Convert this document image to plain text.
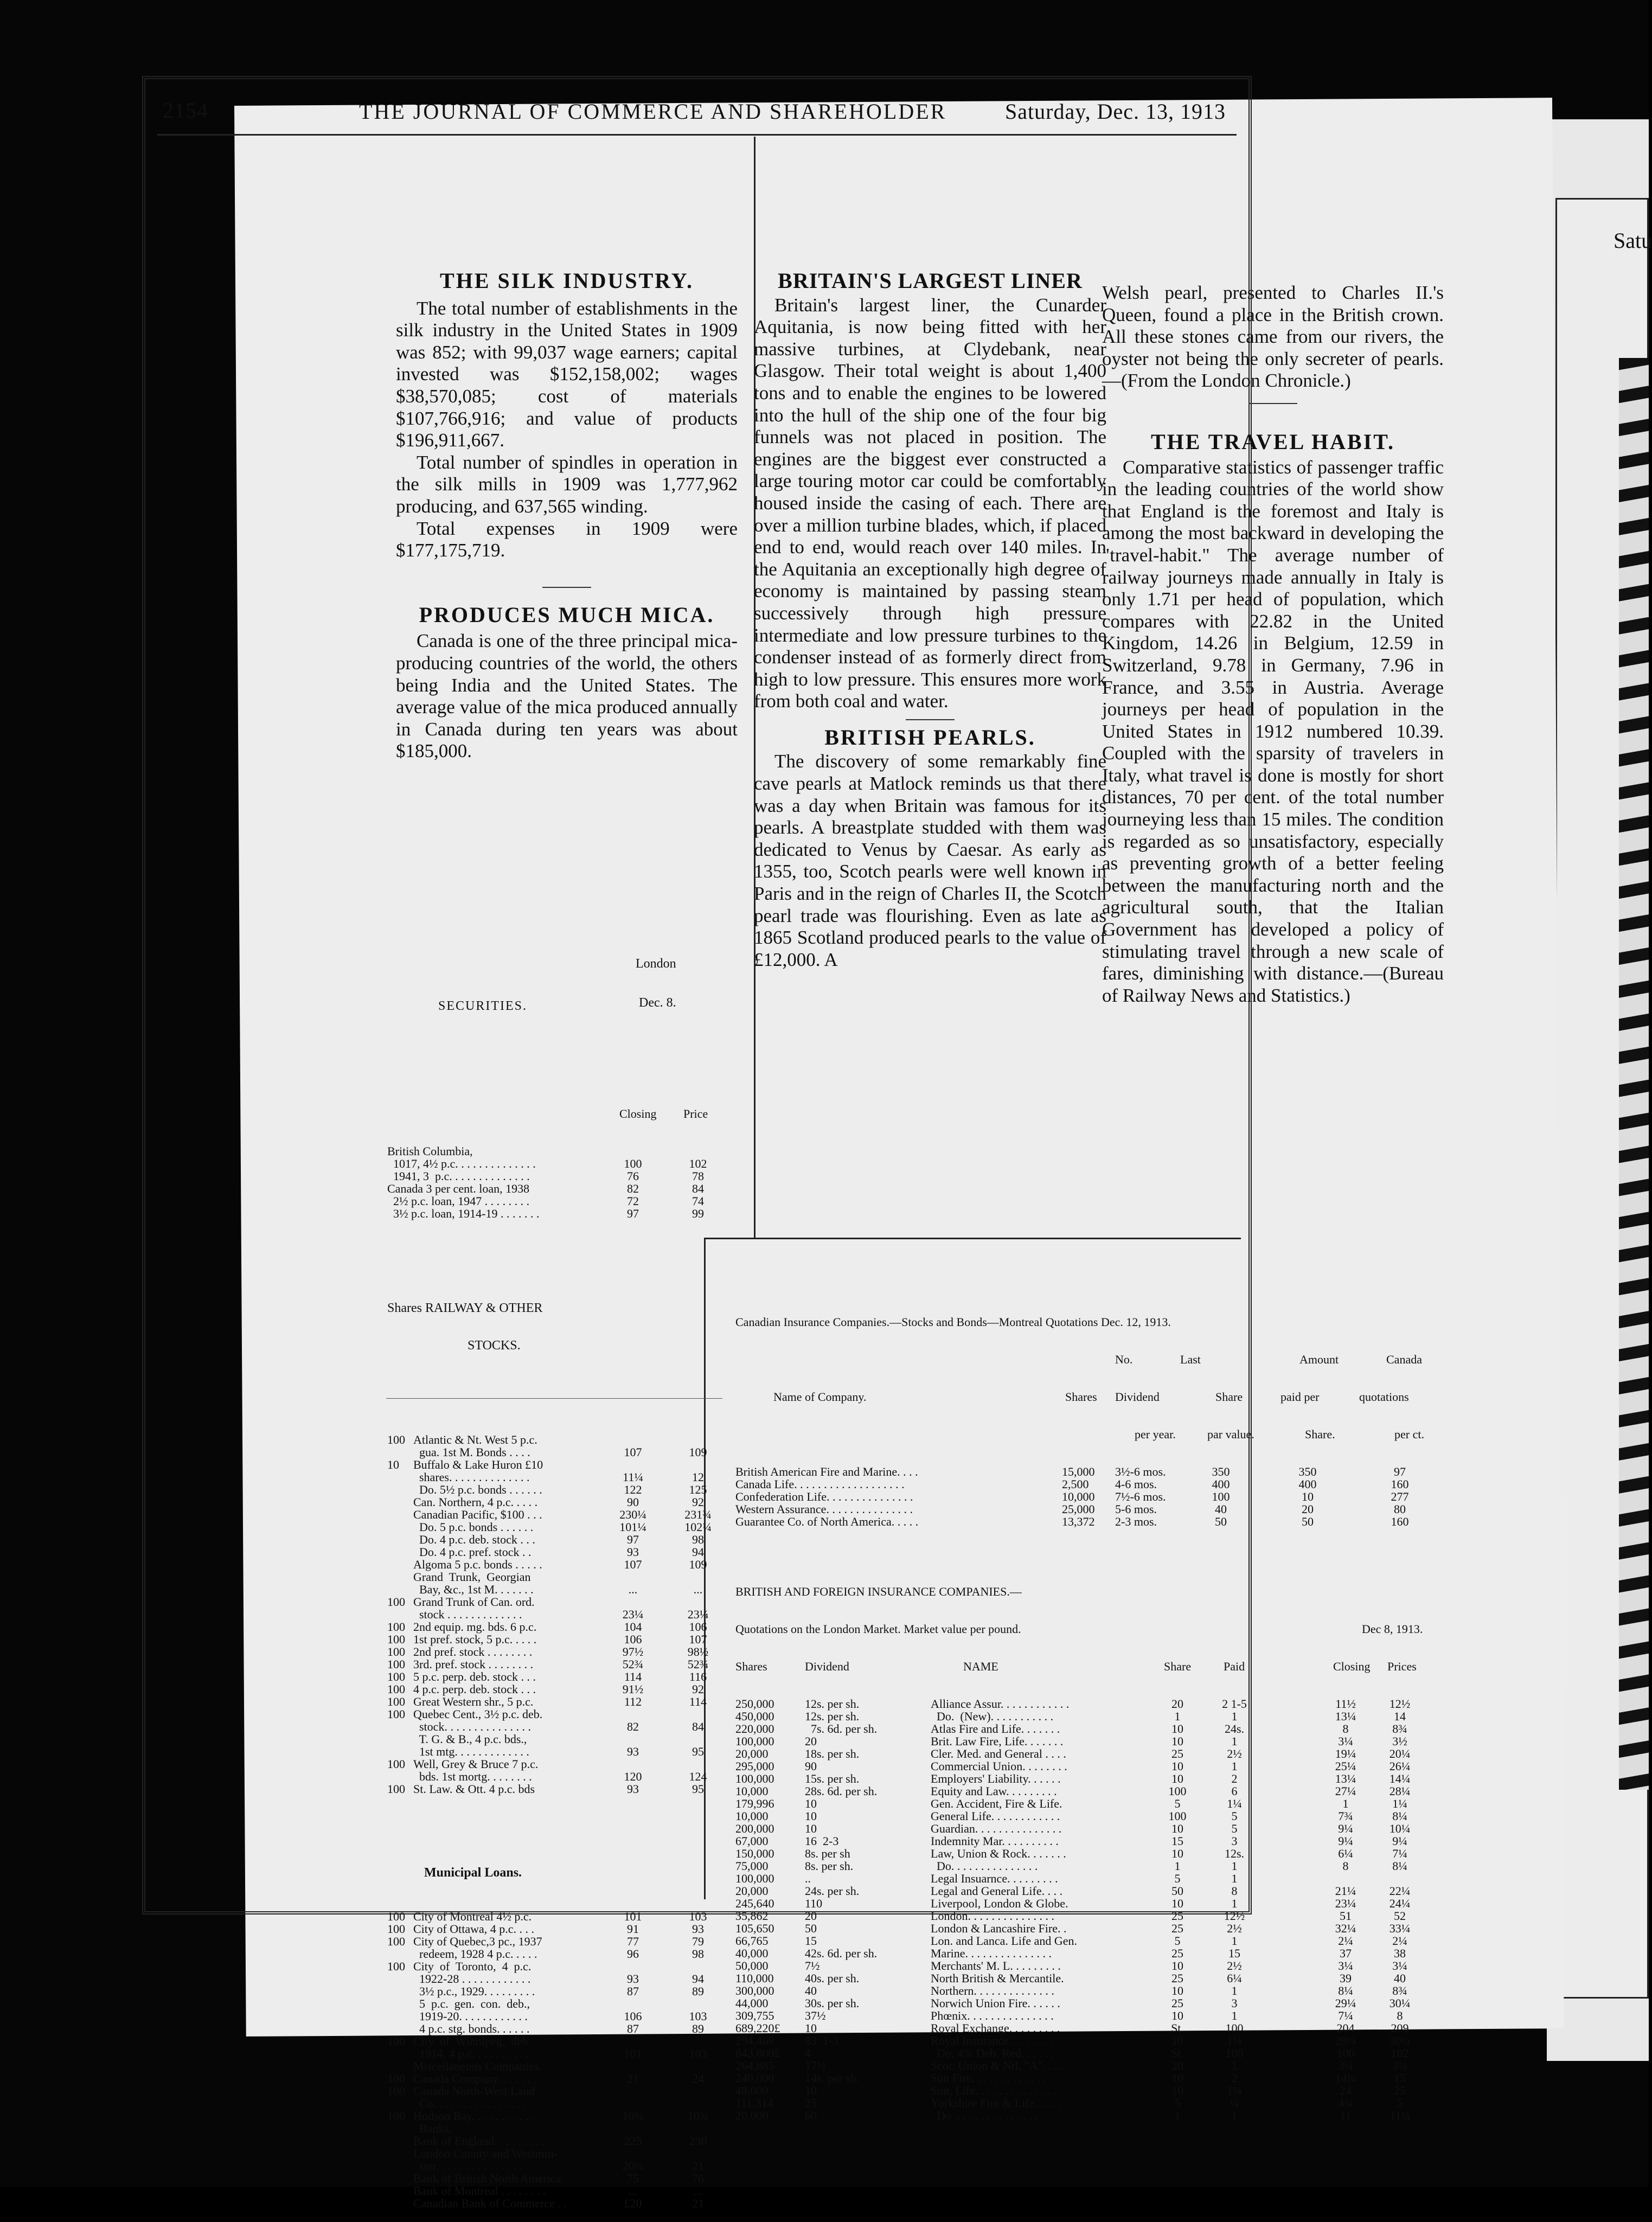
Satu
2154	THE JOURNAL OF COMMERCE AND SHAREHOLDER	Saturday, Dec. 13, 1913
THE SILK INDUSTRY.

The total number of establishments in the silk industry in the United States in 1909 was 852; with 99,037 wage earners; capital invested was $152,158,002; wages $38,570,085; cost of materials $107,766,916; and value of products $196,911,667.

Total number of spindles in operation in the silk mills in 1909 was 1,777,962 producing, and 637,565 winding.

Total expenses in 1909 were $177,175,719.

PRODUCES MUCH MICA.

Canada is one of the three principal mica-producing countries of the world, the others being India and the United States. The average value of the mica produced annually in Canada during ten years was about $185,000.

London

SECURITIES.	Dec. 8.

Closing Price

British Columbia,
1017, 4½ p.c. . . . . . . . . . . . . .	100	102
1941, 3  p.c. . . . . . . . . . . . . .	76	78
Canada 3 per cent. loan, 1938	82	84
2½ p.c. loan, 1947 . . . . . . . .	72	74
3½ p.c. loan, 1914-19 . . . . . . .	97	99

Shares RAILWAY & OTHER

STOCKS.

100 Atlantic & Nt. West 5 p.c.
gua. 1st M. Bonds . . . .	107	109
10 Buffalo & Lake Huron £10
shares. . . . . . . . . . . . . .	11¼	12
Do. 5½ p.c. bonds . . . . . .	122	125
Can. Northern, 4 p.c. . . . .	90	92
Canadian Pacific, $100 . . .	230¼	231¾
Do. 5 p.c. bonds . . . . . .	101¼	102¼
Do. 4 p.c. deb. stock . . .	97	98
Do. 4 p.c. pref. stock . .	93	94
Algoma 5 p.c. bonds . . . . .	107	109
Grand  Trunk,  Georgian
Bay, &c., 1st M. . . . . . .	...	...
100 Grand Trunk of Can. ord.
stock . . . . . . . . . . . . .	23¼	23¼
100 2nd equip. mg. bds. 6 p.c.	104	106
100 1st pref. stock, 5 p.c. . . . .	106	107
100 2nd pref. stock . . . . . . . .	97½	98½
100 3rd. pref. stock . . . . . . . .	52¾	52¾
100 5 p.c. perp. deb. stock . . .	114	116
100 4 p.c. perp. deb. stock . . .	91½	92
100 Great Western shr., 5 p.c.	112	114
100 Quebec Cent., 3½ p.c. deb.
stock. . . . . . . . . . . . . . .	82	84
T. G. & B., 4 p.c. bds.,
1st mtg. . . . . . . . . . . . .	93	95
100 Well, Grey & Bruce 7 p.c.
bds. 1st mortg. . . . . . . .	120	124
100 St. Law. & Ott. 4 p.c. bds	93	95

Municipal Loans.

100 City of Montreal 4½ p.c.	101	103
100 City of Ottawa, 4 p.c. . . .	91	93
100 City of Quebec,3 pc., 1937	77	79
redeem, 1928 4 p.c. . . . .	96	98
100 City  of  Toronto,  4  p.c.
1922-28 . . . . . . . . . . . .	93	94
3½ p.c., 1929. . . . . . . . .	87	89
5  p.c.  gen.  con.  deb.,
1919-20. . . . . . . . . . . .	106	103
4 p.c. stg. bonds. . . . . .	87	89
100 City  of  Winnipeg,  deb.
1914, 4 p.c. . . . . . . . . .	101	103
Miscellaneous Companies.
100 Canada Company. . . . . . . .	21	24
100 Canada North-West Land
Co. . . . . . . . . . . . . . . .
100 Hudson Bay. . . . . . . . . . .	10¼	10¾
Banks.
Bank of England. . . . . . . . .	225	230
London County and Westmin-
ster. . . . . . . . . . . . . . .	20¼	21
Bank of British North America	75	76
Bank of Montreal . . . . . . . .	...	...
Canadian Bank of Commerce . .	£20	21

BRITAIN'S LARGEST LINER

Britain's largest liner, the Cunarder Aquitania, is now being fitted with her massive turbines, at Clydebank, near Glasgow. Their total weight is about 1,400 tons and to enable the engines to be lowered into the hull of the ship one of the four big funnels was not placed in position. The engines are the biggest ever constructed a large touring motor car could be comfortably housed inside the casing of each. There are over a million turbine blades, which, if placed end to end, would reach over 140 miles. In the Aquitania an exceptionally high degree of economy is maintained by passing steam successively through high pressure intermediate and low pressure turbines to the condenser instead of as formerly direct from high to low pressure. This ensures more work from both coal and water.

BRITISH PEARLS.

The discovery of some remarkably fine cave pearls at Matlock reminds us that there was a day when Britain was famous for its pearls. A breastplate studded with them was dedicated to Venus by Caesar. As early as 1355, too, Scotch pearls were well known in Paris and in the reign of Charles II, the Scotch pearl trade was flourishing. Even as late as 1865 Scotland produced pearls to the value of £12,000. A

Welsh pearl, presented to Charles II.'s Queen, found a place in the British crown. All these stones came from our rivers, the oyster not being the only secreter of pearls.—(From the London Chronicle.)

THE TRAVEL HABIT.

Comparative statistics of passenger traffic in the leading countries of the world show that England is the foremost and Italy is among the most backward in developing the "travel-habit." The average number of railway journeys made annually in Italy is only 1.71 per head of population, which compares with 22.82 in the United Kingdom, 14.26 in Belgium, 12.59 in Switzerland, 9.78 in Germany, 7.96 in France, and 3.55 in Austria. Average journeys per head of population in the United States in 1912 numbered 10.39. Coupled with the sparsity of travelers in Italy, what travel is done is mostly for short distances, 70 per cent. of the total number journeying less than 15 miles. The condition is regarded as so unsatisfactory, especially as preventing growth of a better feeling between the manufacturing north and the agricultural south, that the Italian Government has developed a policy of stimulating travel through a new scale of fares, diminishing with distance.—(Bureau of Railway News and Statistics.)

Canadian Insurance Companies.—Stocks and Bonds—Montreal Quotations Dec. 12, 1913.

No.	Last	Amount	Canada

Name of Company.	Shares Dividend	Share	paid per	quotations

per year.	par value.	Share.	per ct.

British American Fire and Marine. . . .	15,000 3½-6 mos.	350	350	97
Canada Life. . . . . . . . . . . . . . . . . . .	2,500 4-6 mos.	400	400	160
Confederation Life. . . . . . . . . . . . . . .	10,000 7½-6 mos.	100	10	277
Western Assurance. . . . . . . . . . . . . . .	25,000 5-6 mos.	40	20	80
Guarantee Co. of North America. . . . .	13,372 2-3 mos.	50	50	160

BRITISH AND FOREIGN INSURANCE COMPANIES.—

Quotations on the London Market. Market value per pound.	Dec 8, 1913.

Shares	Dividend	NAME	Share	Paid	Closing Prices

250,000	12s. per sh.	Alliance Assur. . . . . . . . . . . .	20	2 1-5	11½	12½
450,000	12s. per sh.	Do.  (New). . . . . . . . . . .	1	1	13¼	14
220,000	7s. 6d. per sh.	Atlas Fire and Life. . . . . . .	10	24s.	8	8¾
100,000	20	Brit. Law Fire, Life. . . . . . .	10	1	3¼	3½
20,000	18s. per sh.	Cler. Med. and General . . . .	25	2½	19¼	20¼
295,000	90	Commercial Union. . . . . . . .	10	1	25¼	26¼
100,000	15s. per sh.	Employers' Liability. . . . . .	10	2	13¼	14¼
10,000	28s. 6d. per sh.	Equity and Law. . . . . . . . .	100	6	27¼	28¼
179,996	10	Gen. Accident, Fire & Life.	5	1¼	1	1¼
10,000	10	General Life. . . . . . . . . . . .	100	5	7¾	8¼
200,000	10	Guardian. . . . . . . . . . . . . . .	10	5	9¼	10¼
67,000	16  2-3	Indemnity Mar. . . . . . . . . .	15	3	9¼	9¼
150,000	8s. per sh	Law, Union & Rock. . . . . . .	10	12s.	6¼	7¼
75,000	8s. per sh.	Do. . . . . . . . . . . . . . .	1	1	8	8¼
100,000	..	Legal Insuarnce. . . . . . . . .	5	1
20,000	24s. per sh.	Legal and General Life. . . .	50	8	21¼	22¼
245,640	110	Liverpool, London & Globe.	10	1	23¼	24¼
35,862	20	London. . . . . . . . . . . . . . .	25	12½	51	52
105,650	50	London & Lancashire Fire. .	25	2½	32¼	33¼
66,765	15	Lon. and Lanca. Life and Gen.	5	1	2¼	2¼
40,000	42s. 6d. per sh.	Marine. . . . . . . . . . . . . . .	25	15	37	38
50,000	7½	Merchants' M. L. . . . . . . . .	10	2½	3¼	3¼
110,000	40s. per sh.	North British & Mercantile.	25	6¼	39	40
300,000	40	Northern. . . . . . . . . . . . . .	10	1	8¼	8¾
44,000	30s. per sh.	Norwich Union Fire. . . . . .	25	3	29¼	30¼
309,755	37½	Phœnix. . . . . . . . . . . . . . .	10	1	7¼	8
689,220£ 10	Royal Exchange. . . . . . . . .	St.	100	204	209
294,468	83  1-3	Royal Insurance. . . . . . . . .	10	1¼	29¼	30¼
843,800£ 4	Do. 4% Deb. Red. . . . . .	St.	100	100	102
264,885	17½	Scot. Union & Ntl. "A". . . .	20	1	3¼	3¼
240,000	14s. per sh.	Sun Fire. . . . . . . . . . . . . .	10	2	14¼	15
48,000	10	Sun, Life. . . . . . . . . . . . . .	10	1¼	24	25
111,314	25	Yorkshire Fire & Life. . . . .	5	¼	4¾	5
20,000	60	Do  . . . . . . . . . . . . . .	1	1	11	11¼
